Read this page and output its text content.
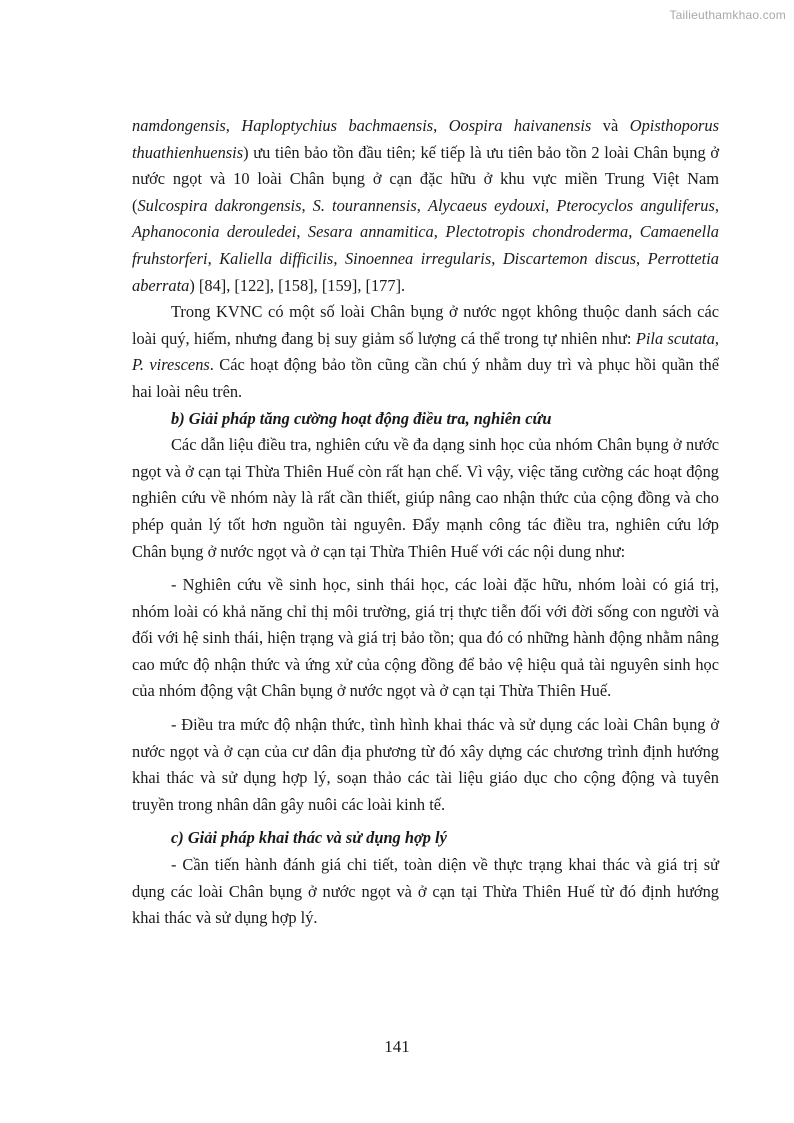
Tailieuthamkhao.com

namdongensis, Haploptychius bachmaensis, Oospira haivanensis và Opisthoporus thuathienhuensis) ưu tiên bảo tồn đầu tiên; kế tiếp là ưu tiên bảo tồn 2 loài Chân bụng ở nước ngọt và 10 loài Chân bụng ở cạn đặc hữu ở khu vực miền Trung Việt Nam (Sulcospira dakrongensis, S. tourannensis, Alycaeus eydouxi, Pterocyclos anguliferus, Aphanoconia derouledei, Sesara annamitica, Plectotropis chondroderma, Camaenella fruhstorferi, Kaliella difficilis, Sinoennea irregularis, Discartemon discus, Perrottetia aberrata) [84], [122], [158], [159], [177].

Trong KVNC có một số loài Chân bụng ở nước ngọt không thuộc danh sách các loài quý, hiếm, nhưng đang bị suy giảm số lượng cá thể trong tự nhiên như: Pila scutata, P. virescens. Các hoạt động bảo tồn cũng cần chú ý nhằm duy trì và phục hồi quần thể hai loài nêu trên.

b) Giải pháp tăng cường hoạt động điều tra, nghiên cứu

Các dẫn liệu điều tra, nghiên cứu về đa dạng sinh học của nhóm Chân bụng ở nước ngọt và ở cạn tại Thừa Thiên Huế còn rất hạn chế. Vì vậy, việc tăng cường các hoạt động nghiên cứu về nhóm này là rất cần thiết, giúp nâng cao nhận thức của cộng đồng và cho phép quản lý tốt hơn nguồn tài nguyên. Đẩy mạnh công tác điều tra, nghiên cứu lớp Chân bụng ở nước ngọt và ở cạn tại Thừa Thiên Huế với các nội dung như:

- Nghiên cứu về sinh học, sinh thái học, các loài đặc hữu, nhóm loài có giá trị, nhóm loài có khả năng chỉ thị môi trường, giá trị thực tiễn đối với đời sống con người và đối với hệ sinh thái, hiện trạng và giá trị bảo tồn; qua đó có những hành động nhằm nâng cao mức độ nhận thức và ứng xử của cộng đồng để bảo vệ hiệu quả tài nguyên sinh học của nhóm động vật Chân bụng ở nước ngọt và ở cạn tại Thừa Thiên Huế.

- Điều tra mức độ nhận thức, tình hình khai thác và sử dụng các loài Chân bụng ở nước ngọt và ở cạn của cư dân địa phương từ đó xây dựng các chương trình định hướng khai thác và sử dụng hợp lý, soạn thảo các tài liệu giáo dục cho cộng động và tuyên truyền trong nhân dân gây nuôi các loài kinh tế.

c) Giải pháp khai thác và sử dụng hợp lý

- Cần tiến hành đánh giá chi tiết, toàn diện về thực trạng khai thác và giá trị sử dụng các loài Chân bụng ở nước ngọt và ở cạn tại Thừa Thiên Huế từ đó định hướng khai thác và sử dụng hợp lý.

141
